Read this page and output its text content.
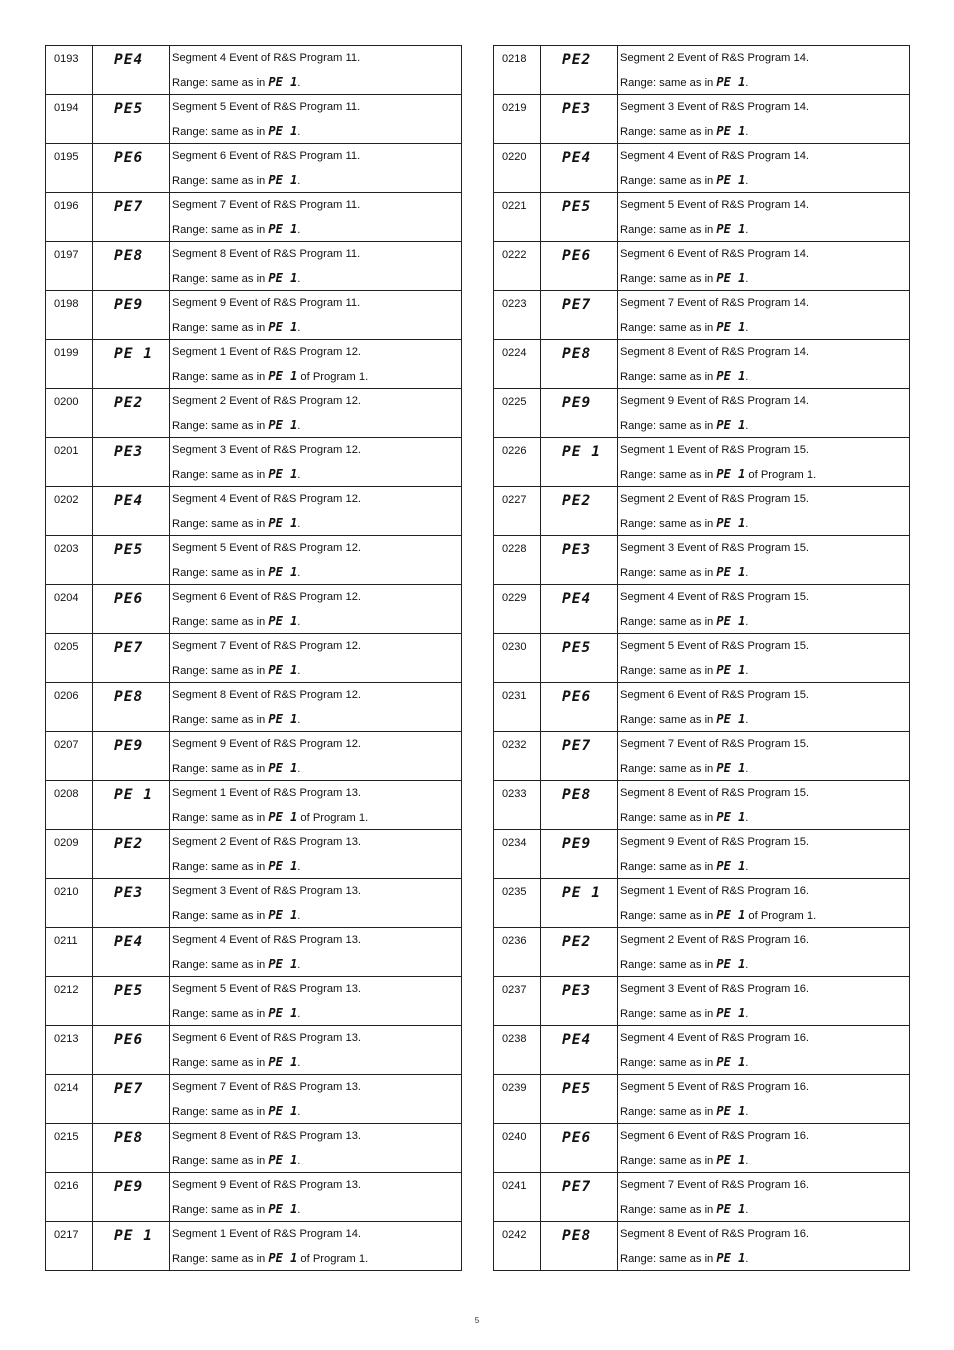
0193	PE4	Segment 4 Event of R&S Program 11.
Range: same as in PE 1.

0194	PE5	Segment 5 Event of R&S Program 11.
Range: same as in PE 1.

0195	PE6	Segment 6 Event of R&S Program 11.
Range: same as in PE 1.

0196	PE7	Segment 7 Event of R&S Program 11.
Range: same as in PE 1.

0197	PE8	Segment 8 Event of R&S Program 11.
Range: same as in PE 1.

0198	PE9	Segment 9 Event of R&S Program 11.
Range: same as in PE 1.

0199	PE 1	Segment 1 Event of R&S Program 12.
Range: same as in PE 1 of Program 1.

0200	PE2	Segment 2 Event of R&S Program 12.
Range: same as in PE 1.

0201	PE3	Segment 3 Event of R&S Program 12.
Range: same as in PE 1.

0202	PE4	Segment 4 Event of R&S Program 12.
Range: same as in PE 1.

0203	PE5	Segment 5 Event of R&S Program 12.
Range: same as in PE 1.

0204	PE6	Segment 6 Event of R&S Program 12.
Range: same as in PE 1.

0205	PE7	Segment 7 Event of R&S Program 12.
Range: same as in PE 1.

0206	PE8	Segment 8 Event of R&S Program 12.
Range: same as in PE 1.

0207	PE9	Segment 9 Event of R&S Program 12.
Range: same as in PE 1.

0208	PE 1	Segment 1 Event of R&S Program 13.
Range: same as in PE 1 of Program 1.

0209	PE2	Segment 2 Event of R&S Program 13.
Range: same as in PE 1.

0210	PE3	Segment 3 Event of R&S Program 13.
Range: same as in PE 1.

0211	PE4	Segment 4 Event of R&S Program 13.
Range: same as in PE 1.

0212	PE5	Segment 5 Event of R&S Program 13.
Range: same as in PE 1.

0213	PE6	Segment 6 Event of R&S Program 13.
Range: same as in PE 1.

0214	PE7	Segment 7 Event of R&S Program 13.
Range: same as in PE 1.

0215	PE8	Segment 8 Event of R&S Program 13.
Range: same as in PE 1.

0216	PE9	Segment 9 Event of R&S Program 13.
Range: same as in PE 1.

0217	PE 1	Segment 1 Event of R&S Program 14.
Range: same as in PE 1 of Program 1.
0218	PE2	Segment 2 Event of R&S Program 14.
Range: same as in PE 1.

0219	PE3	Segment 3 Event of R&S Program 14.
Range: same as in PE 1.

0220	PE4	Segment 4 Event of R&S Program 14.
Range: same as in PE 1.

0221	PE5	Segment 5 Event of R&S Program 14.
Range: same as in PE 1.

0222	PE6	Segment 6 Event of R&S Program 14.
Range: same as in PE 1.

0223	PE7	Segment 7 Event of R&S Program 14.
Range: same as in PE 1.

0224	PE8	Segment 8 Event of R&S Program 14.
Range: same as in PE 1.

0225	PE9	Segment 9 Event of R&S Program 14.
Range: same as in PE 1.

0226	PE 1	Segment 1 Event of R&S Program 15.
Range: same as in PE 1 of Program 1.

0227	PE2	Segment 2 Event of R&S Program 15.
Range: same as in PE 1.

0228	PE3	Segment 3 Event of R&S Program 15.
Range: same as in PE 1.

0229	PE4	Segment 4 Event of R&S Program 15.
Range: same as in PE 1.

0230	PE5	Segment 5 Event of R&S Program 15.
Range: same as in PE 1.

0231	PE6	Segment 6 Event of R&S Program 15.
Range: same as in PE 1.

0232	PE7	Segment 7 Event of R&S Program 15.
Range: same as in PE 1.

0233	PE8	Segment 8 Event of R&S Program 15.
Range: same as in PE 1.

0234	PE9	Segment 9 Event of R&S Program 15.
Range: same as in PE 1.

0235	PE 1	Segment 1 Event of R&S Program 16.
Range: same as in PE 1 of Program 1.

0236	PE2	Segment 2 Event of R&S Program 16.
Range: same as in PE 1.

0237	PE3	Segment 3 Event of R&S Program 16.
Range: same as in PE 1.

0238	PE4	Segment 4 Event of R&S Program 16.
Range: same as in PE 1.

0239	PE5	Segment 5 Event of R&S Program 16.
Range: same as in PE 1.

0240	PE6	Segment 6 Event of R&S Program 16.
Range: same as in PE 1.

0241	PE7	Segment 7 Event of R&S Program 16.
Range: same as in PE 1.

0242	PE8	Segment 8 Event of R&S Program 16.
Range: same as in PE 1.
5
